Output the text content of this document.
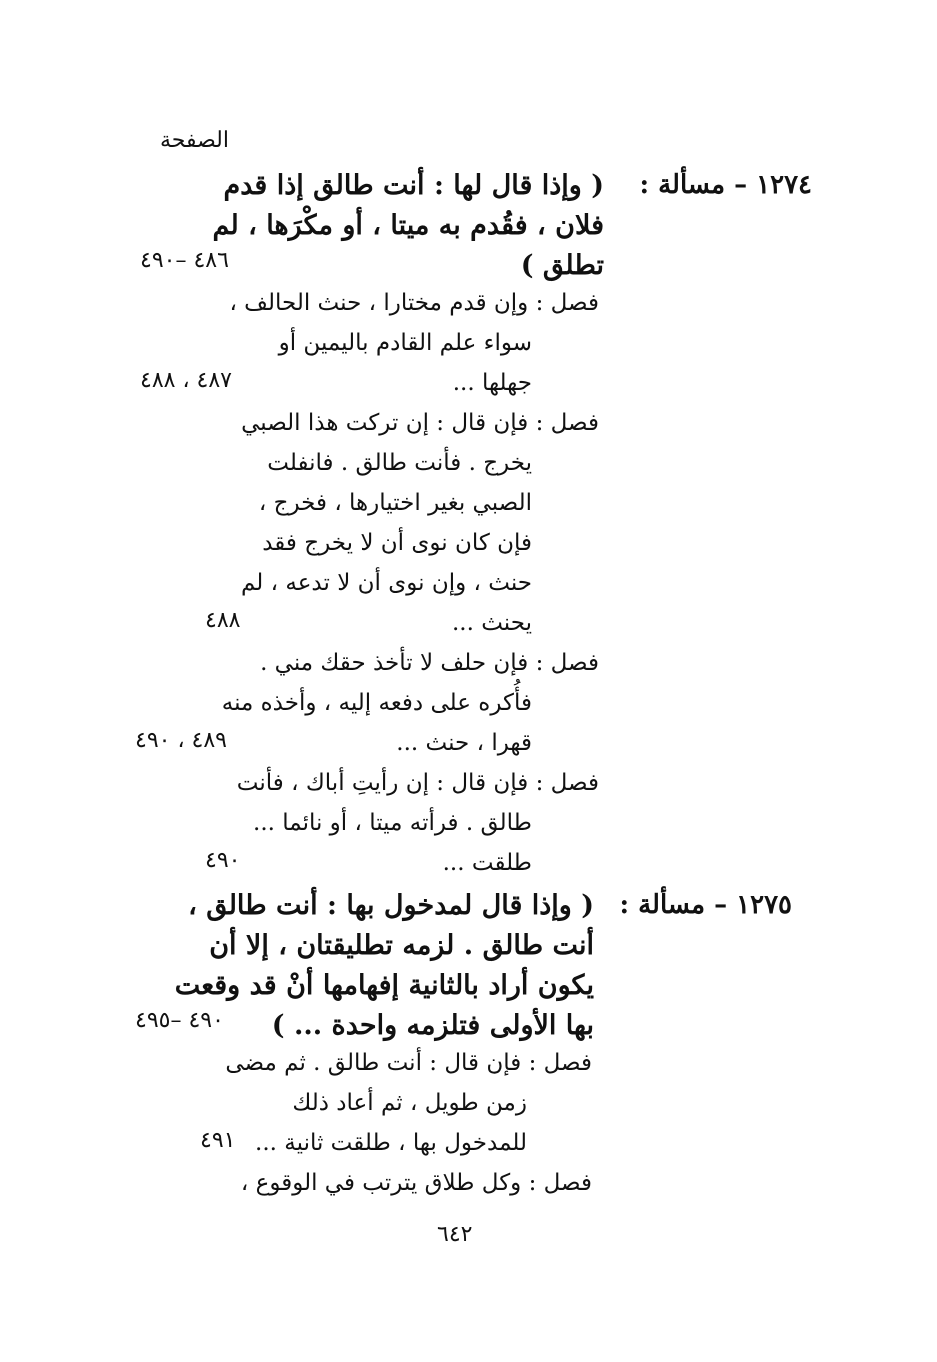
الصفحة
١٢٧٤ – مسألة :
( وإذا قال لها : أنت طالق إذا قدم
فلان ، فقُدم به ميتا ، أو مكْرَها ، لم
تطلق )
٤٨٦ –٤٩٠
فصل : وإن قدم مختارا ، حنث الحالف ،
سواء علم القادم باليمين أو
جهلها ...
٤٨٧ ، ٤٨٨
فصل : فإن قال : إن تركت هذا الصبي
يخرج . فأنت طالق . فانفلت
الصبي بغير اختيارها ، فخرج ،
فإن كان نوى أن لا يخرج فقد
حنث ، وإن نوى أن لا تدعه ، لم
يحنث ...
٤٨٨
فصل : فإن حلف لا تأخذ حقك مني .
فأُكره على دفعه إليه ، وأخذه منه
قهرا ، حنث ...
٤٨٩ ، ٤٩٠
فصل : فإن قال : إن رأيتِ أباك ، فأنت
طالق . فرأته ميتا ، أو نائما ...
طلقت ...
٤٩٠
١٢٧٥ – مسألة :
( وإذا قال لمدخول بها : أنت طالق ،
أنت طالق . لزمه تطليقتان ، إلا أن
يكون أراد بالثانية إفهامها أنْ قد وقعت
بها الأولى فتلزمه واحدة ... )
٤٩٠ –٤٩٥
فصل : فإن قال : أنت طالق . ثم مضى
زمن طويل ، ثم أعاد ذلك
للمدخول بها ، طلقت ثانية ...
٤٩١
فصل : وكل طلاق يترتب في الوقوع ،
٦٤٢
